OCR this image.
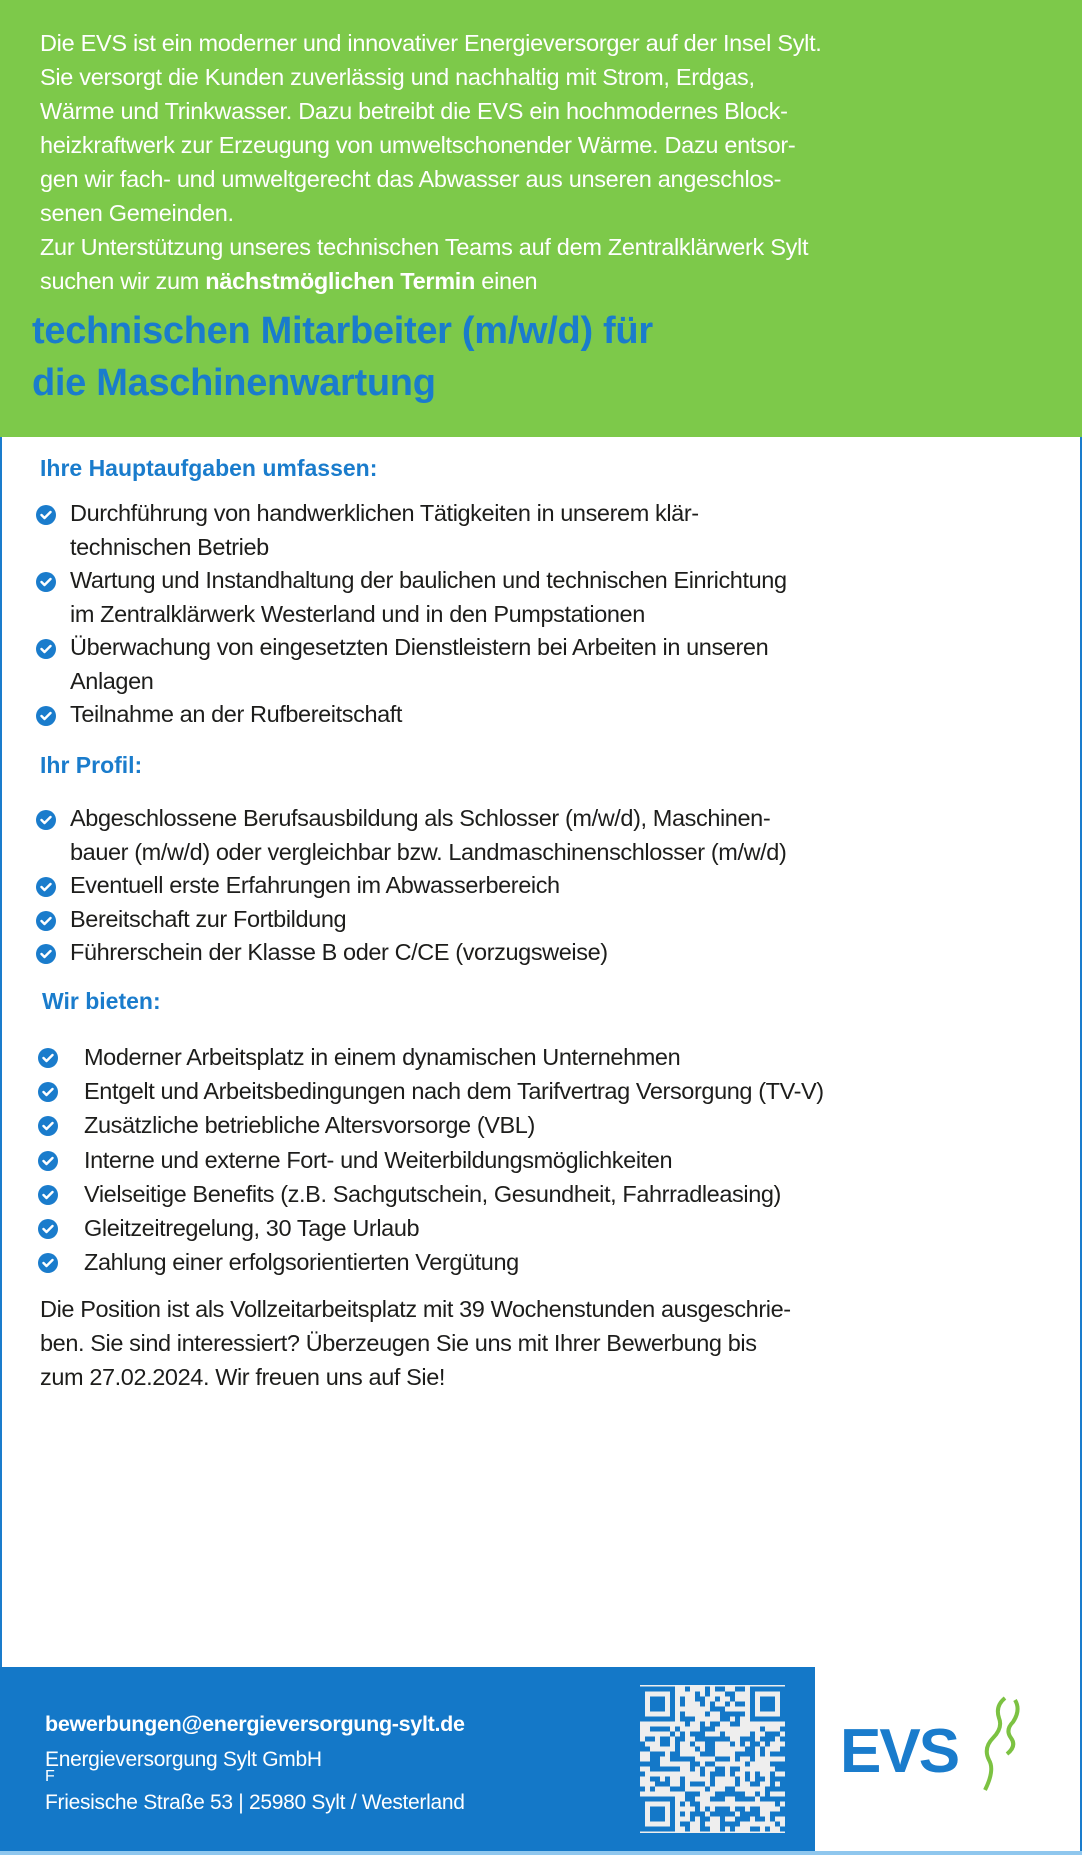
Die EVS ist ein moderner und innovativer Energieversorger auf der Insel Sylt.
Sie versorgt die Kunden zuverlässig und nachhaltig mit Strom, Erdgas,
Wärme und Trinkwasser. Dazu betreibt die EVS ein hochmodernes Block-
heizkraftwerk zur Erzeugung von umweltschonender Wärme. Dazu entsor-
gen wir fach- und umweltgerecht das Abwasser aus unseren angeschlos-
senen Gemeinden.
Zur Unterstützung unseres technischen Teams auf dem Zentralklärwerk Sylt
suchen wir zum nächstmöglichen Termin einen
technischen Mitarbeiter (m/w/d) für
die Maschinenwartung
Ihre Hauptaufgaben umfassen:
Durchführung von handwerklichen Tätigkeiten in unserem klär-
technischen Betrieb
Wartung und Instandhaltung der baulichen und technischen Einrichtung
im Zentralklärwerk Westerland und in den Pumpstationen
Überwachung von eingesetzten Dienstleistern bei Arbeiten in unseren
Anlagen
Teilnahme an der Rufbereitschaft
Ihr Profil:
Abgeschlossene Berufsausbildung als Schlosser (m/w/d), Maschinen-
bauer (m/w/d) oder vergleichbar bzw. Landmaschinenschlosser (m/w/d)
Eventuell erste Erfahrungen im Abwasserbereich
Bereitschaft zur Fortbildung
Führerschein der Klasse B oder C/CE (vorzugsweise)
Wir bieten:
Moderner Arbeitsplatz in einem dynamischen Unternehmen
Entgelt und Arbeitsbedingungen nach dem Tarifvertrag Versorgung (TV-V)
Zusätzliche betriebliche Altersvorsorge (VBL)
Interne und externe Fort- und Weiterbildungsmöglichkeiten
Vielseitige Benefits (z.B. Sachgutschein, Gesundheit, Fahrradleasing)
Gleitzeitregelung, 30 Tage Urlaub
Zahlung einer erfolgsorientierten Vergütung
Die Position ist als Vollzeitarbeitsplatz mit 39 Wochenstunden ausgeschrie-
ben. Sie sind interessiert? Überzeugen Sie uns mit Ihrer Bewerbung bis
zum 27.02.2024. Wir freuen uns auf Sie!
bewerbungen@energieversorgung-sylt.de
Energieversorgung Sylt GmbH
F
Friesische Straße 53 | 25980 Sylt / Westerland
EVS
